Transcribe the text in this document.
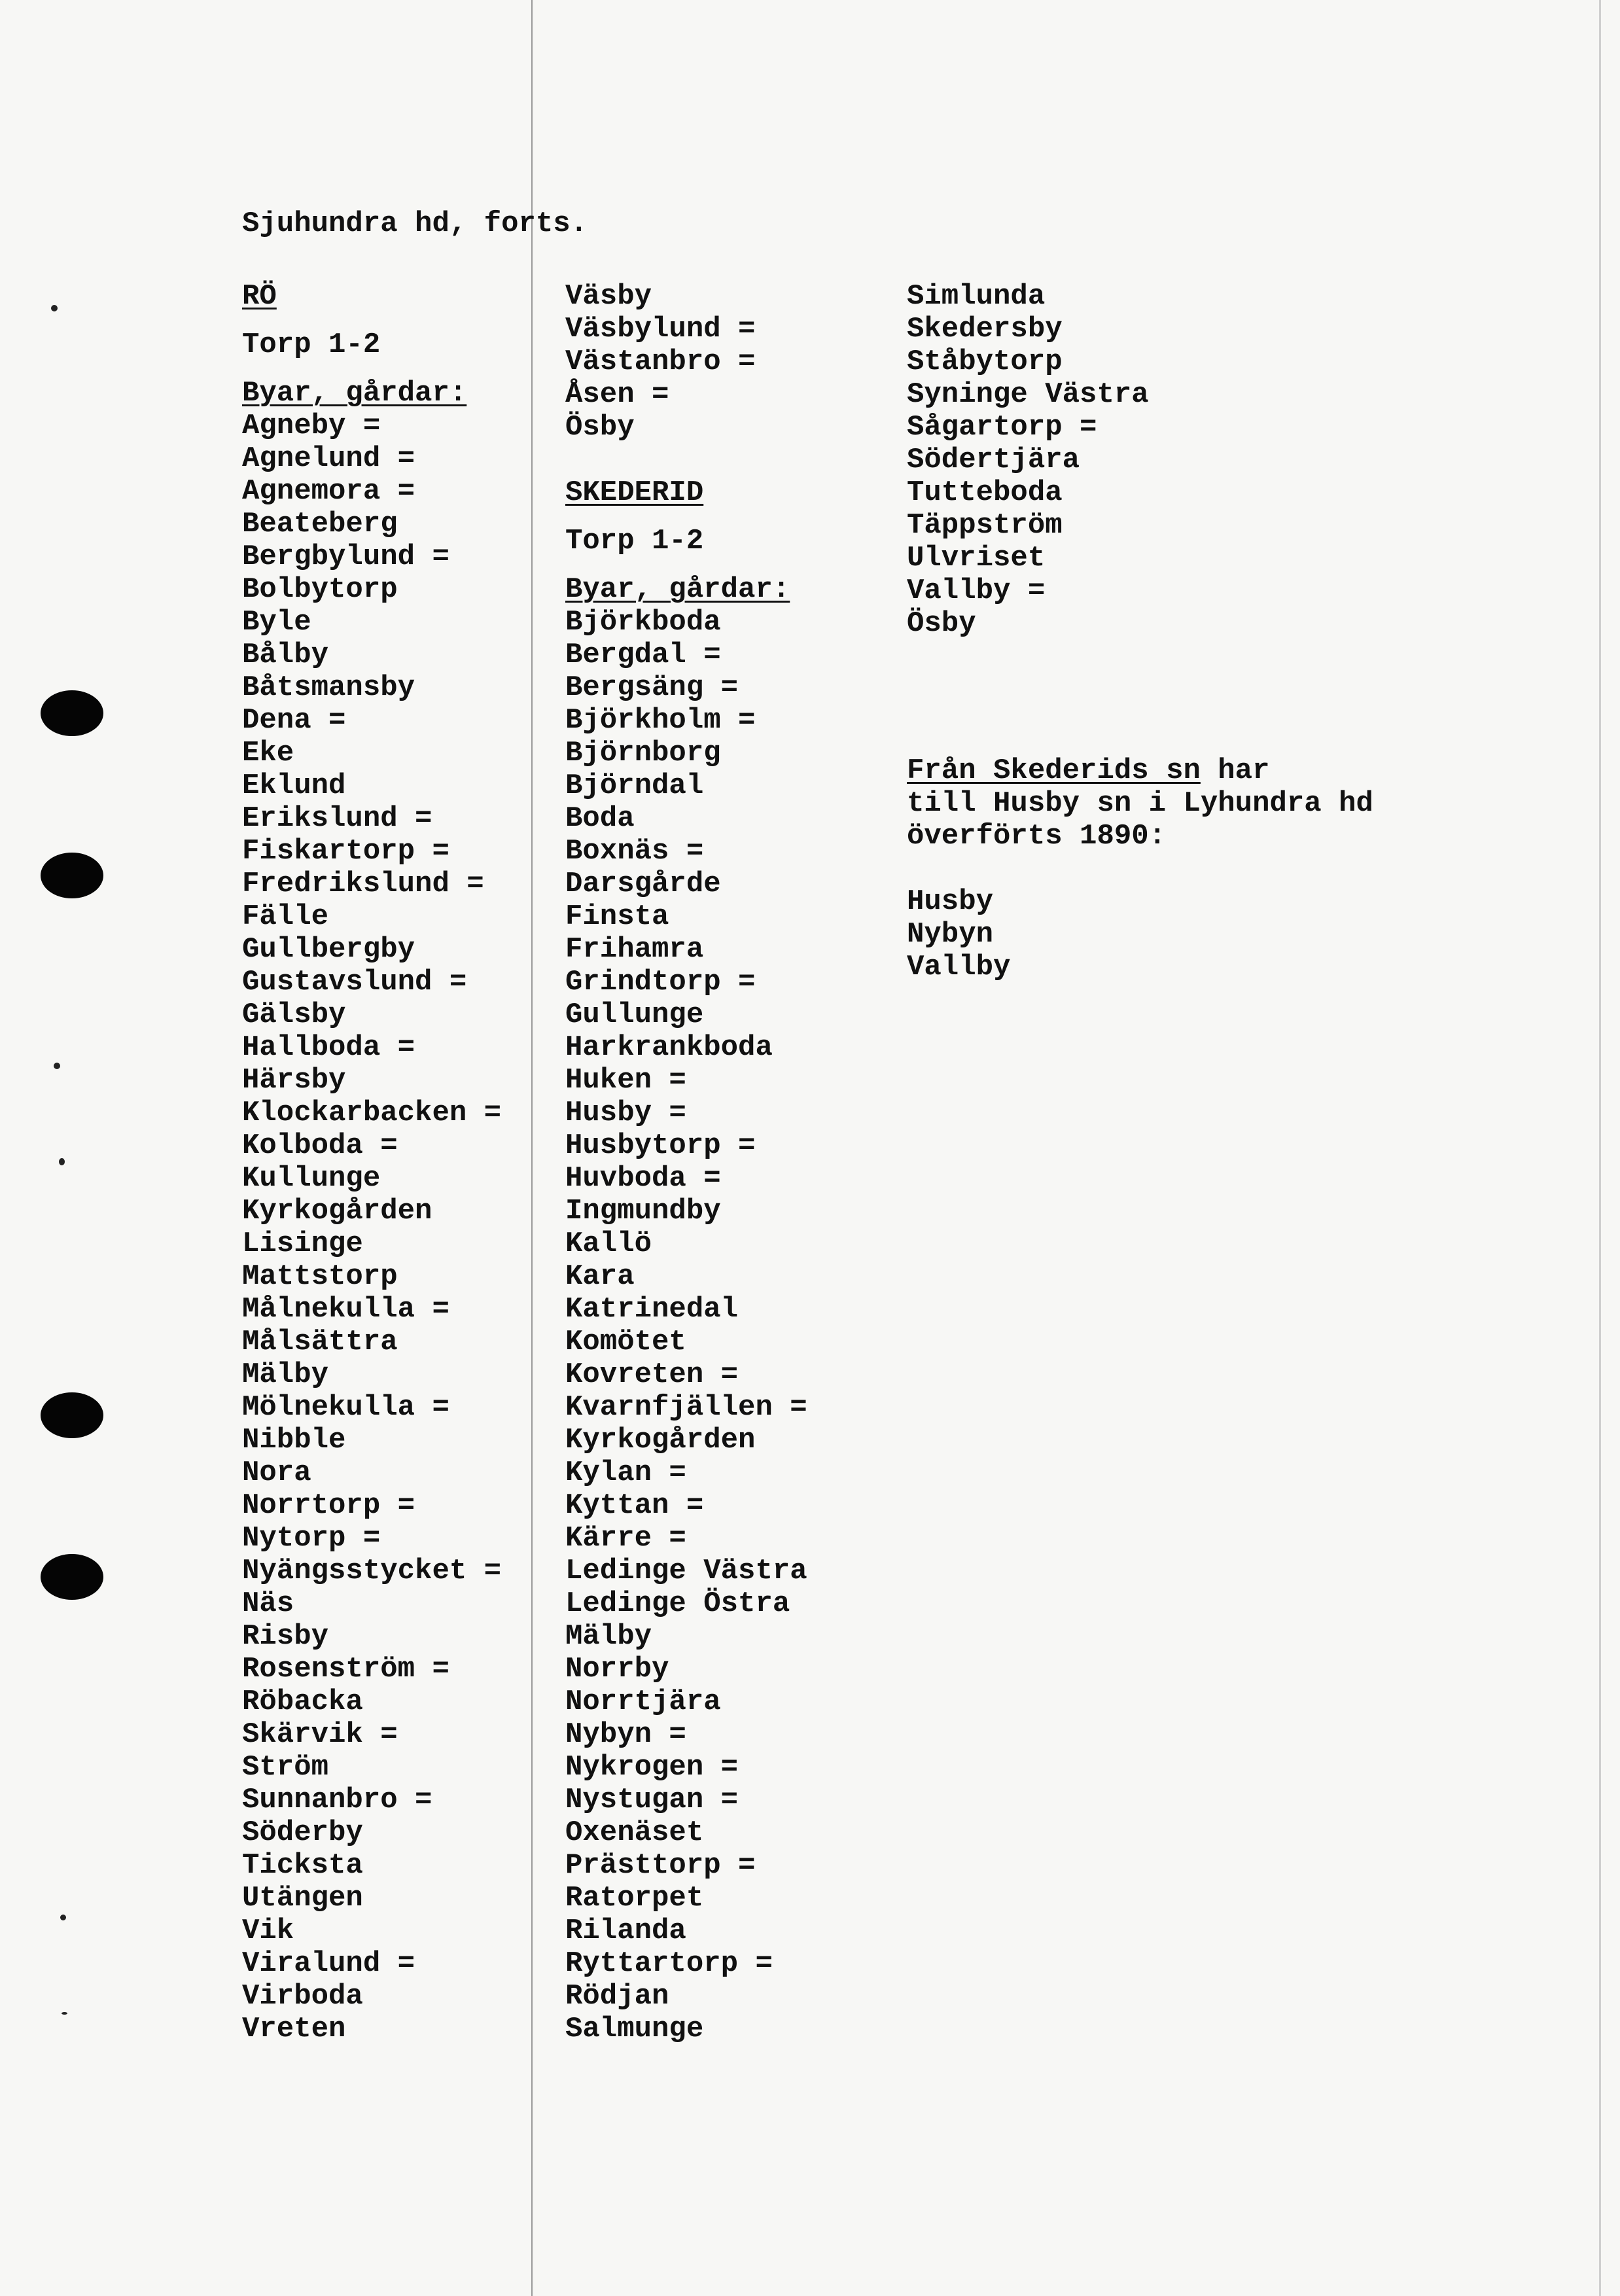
Sjuhundra hd, forts.
RÖ
Torp 1-2
Byar, gårdar:
Agneby =
Agnelund =
Agnemora =
Beateberg
Bergbylund =
Bolbytorp
Byle
Bålby
Båtsmansby
Dena =
Eke
Eklund
Erikslund =
Fiskartorp =
Fredrikslund =
Fälle
Gullbergby
Gustavslund =
Gälsby
Hallboda =
Härsby
Klockarbacken =
Kolboda =
Kullunge
Kyrkogården
Lisinge
Mattstorp
Målnekulla =
Målsättra
Mälby
Mölnekulla =
Nibble
Nora
Norrtorp =
Nytorp =
Nyängsstycket =
Näs
Risby
Rosenström =
Röbacka
Skärvik =
Ström
Sunnanbro =
Söderby
Ticksta
Utängen
Vik
Viralund =
Virboda
Vreten
Väsby
Väsbylund =
Västanbro =
Åsen =
Ösby
SKEDERID
Torp 1-2
Byar, gårdar:
Björkboda
Bergdal =
Bergsäng =
Björkholm =
Björnborg
Björndal
Boda
Boxnäs =
Darsgårde
Finsta
Frihamra
Grindtorp =
Gullunge
Harkrankboda
Huken =
Husby =
Husbytorp =
Huvboda =
Ingmundby
Kallö
Kara
Katrinedal
Komötet
Kovreten =
Kvarnfjällen =
Kyrkogården
Kylan =
Kyttan =
Kärre =
Ledinge Västra
Ledinge Östra
Mälby
Norrby
Norrtjära
Nybyn =
Nykrogen =
Nystugan =
Oxenäset
Prästtorp =
Ratorpet
Rilanda
Ryttartorp =
Rödjan
Salmunge
Simlunda
Skedersby
Ståbytorp
Syninge Västra
Sågartorp =
Södertjära
Tutteboda
Täppström
Ulvriset
Vallby =
Ösby
Från Skederids sn har
till Husby sn i Lyhundra hd
överförts 1890:
Husby
Nybyn
Vallby
